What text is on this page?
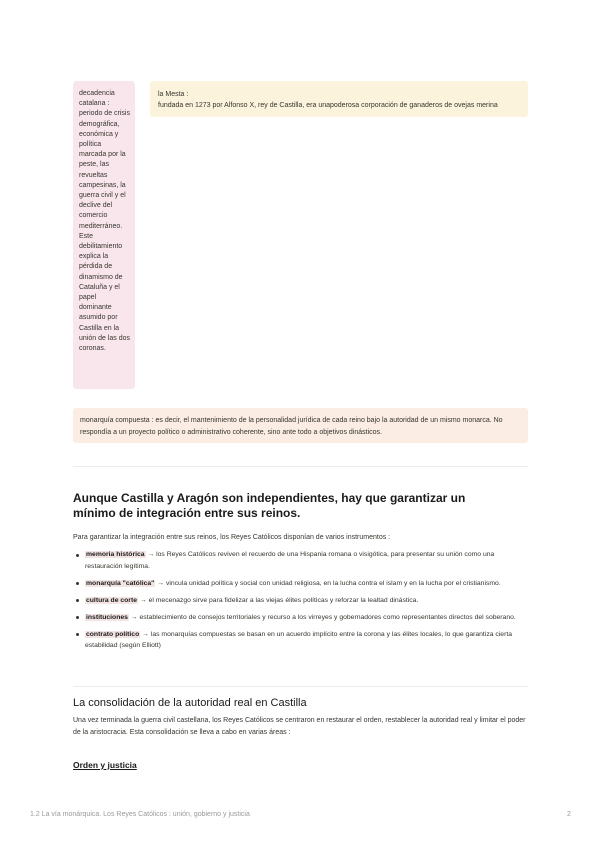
decadencia catalana :
periodo de crisis demográfica, económica y política marcada por la peste, las revueltas campesinas, la guerra civil y el declive del comercio mediterráneo. Este debilitamiento explica la pérdida de dinamismo de Cataluña y el papel dominante asumido por Castilla en la unión de las dos coronas.
la Mesta :
fundada en 1273 por Alfonso X, rey de Castilla, era unapoderosa corporación de ganaderos de ovejas merina
monarquía compuesta : es decir, el mantenimiento de la personalidad jurídica de cada reino bajo la autoridad de un mismo monarca. No respondía a un proyecto político o administrativo coherente, sino ante todo a objetivos dinásticos.
Aunque Castilla y Aragón son independientes, hay que garantizar un mínimo de integración entre sus reinos.
Para garantizar la integración entre sus reinos, los Reyes Católicos disponían de varios instrumentos :
memoria histórica → los Reyes Católicos reviven el recuerdo de una Hispania romana o visigótica, para presentar su unión como una restauración legítima.
monarquía "católica" → vincula unidad política y social con unidad religiosa, en la lucha contra el islam y en la lucha por el cristianismo.
cultura de corte → el mecenazgo sirve para fidelizar a las viejas élites políticas y reforzar la lealtad dinástica.
instituciones → establecimiento de consejos territoriales y recurso a los virreyes y gobernadores como representantes directos del soberano.
contrato político → las monarquías compuestas se basan en un acuerdo implícito entre la corona y las élites locales, lo que garantiza cierta estabilidad (según Elliott)
La consolidación de la autoridad real en Castilla
Una vez terminada la guerra civil castellana, los Reyes Católicos se centraron en restaurar el orden, restablecer la autoridad real y limitar el poder de la aristocracia. Esta consolidación se lleva a cabo en varias áreas :
Orden y justicia
1.2 La vía monárquica. Los Reyes Católicos : unión, gobierno y justicia	2
